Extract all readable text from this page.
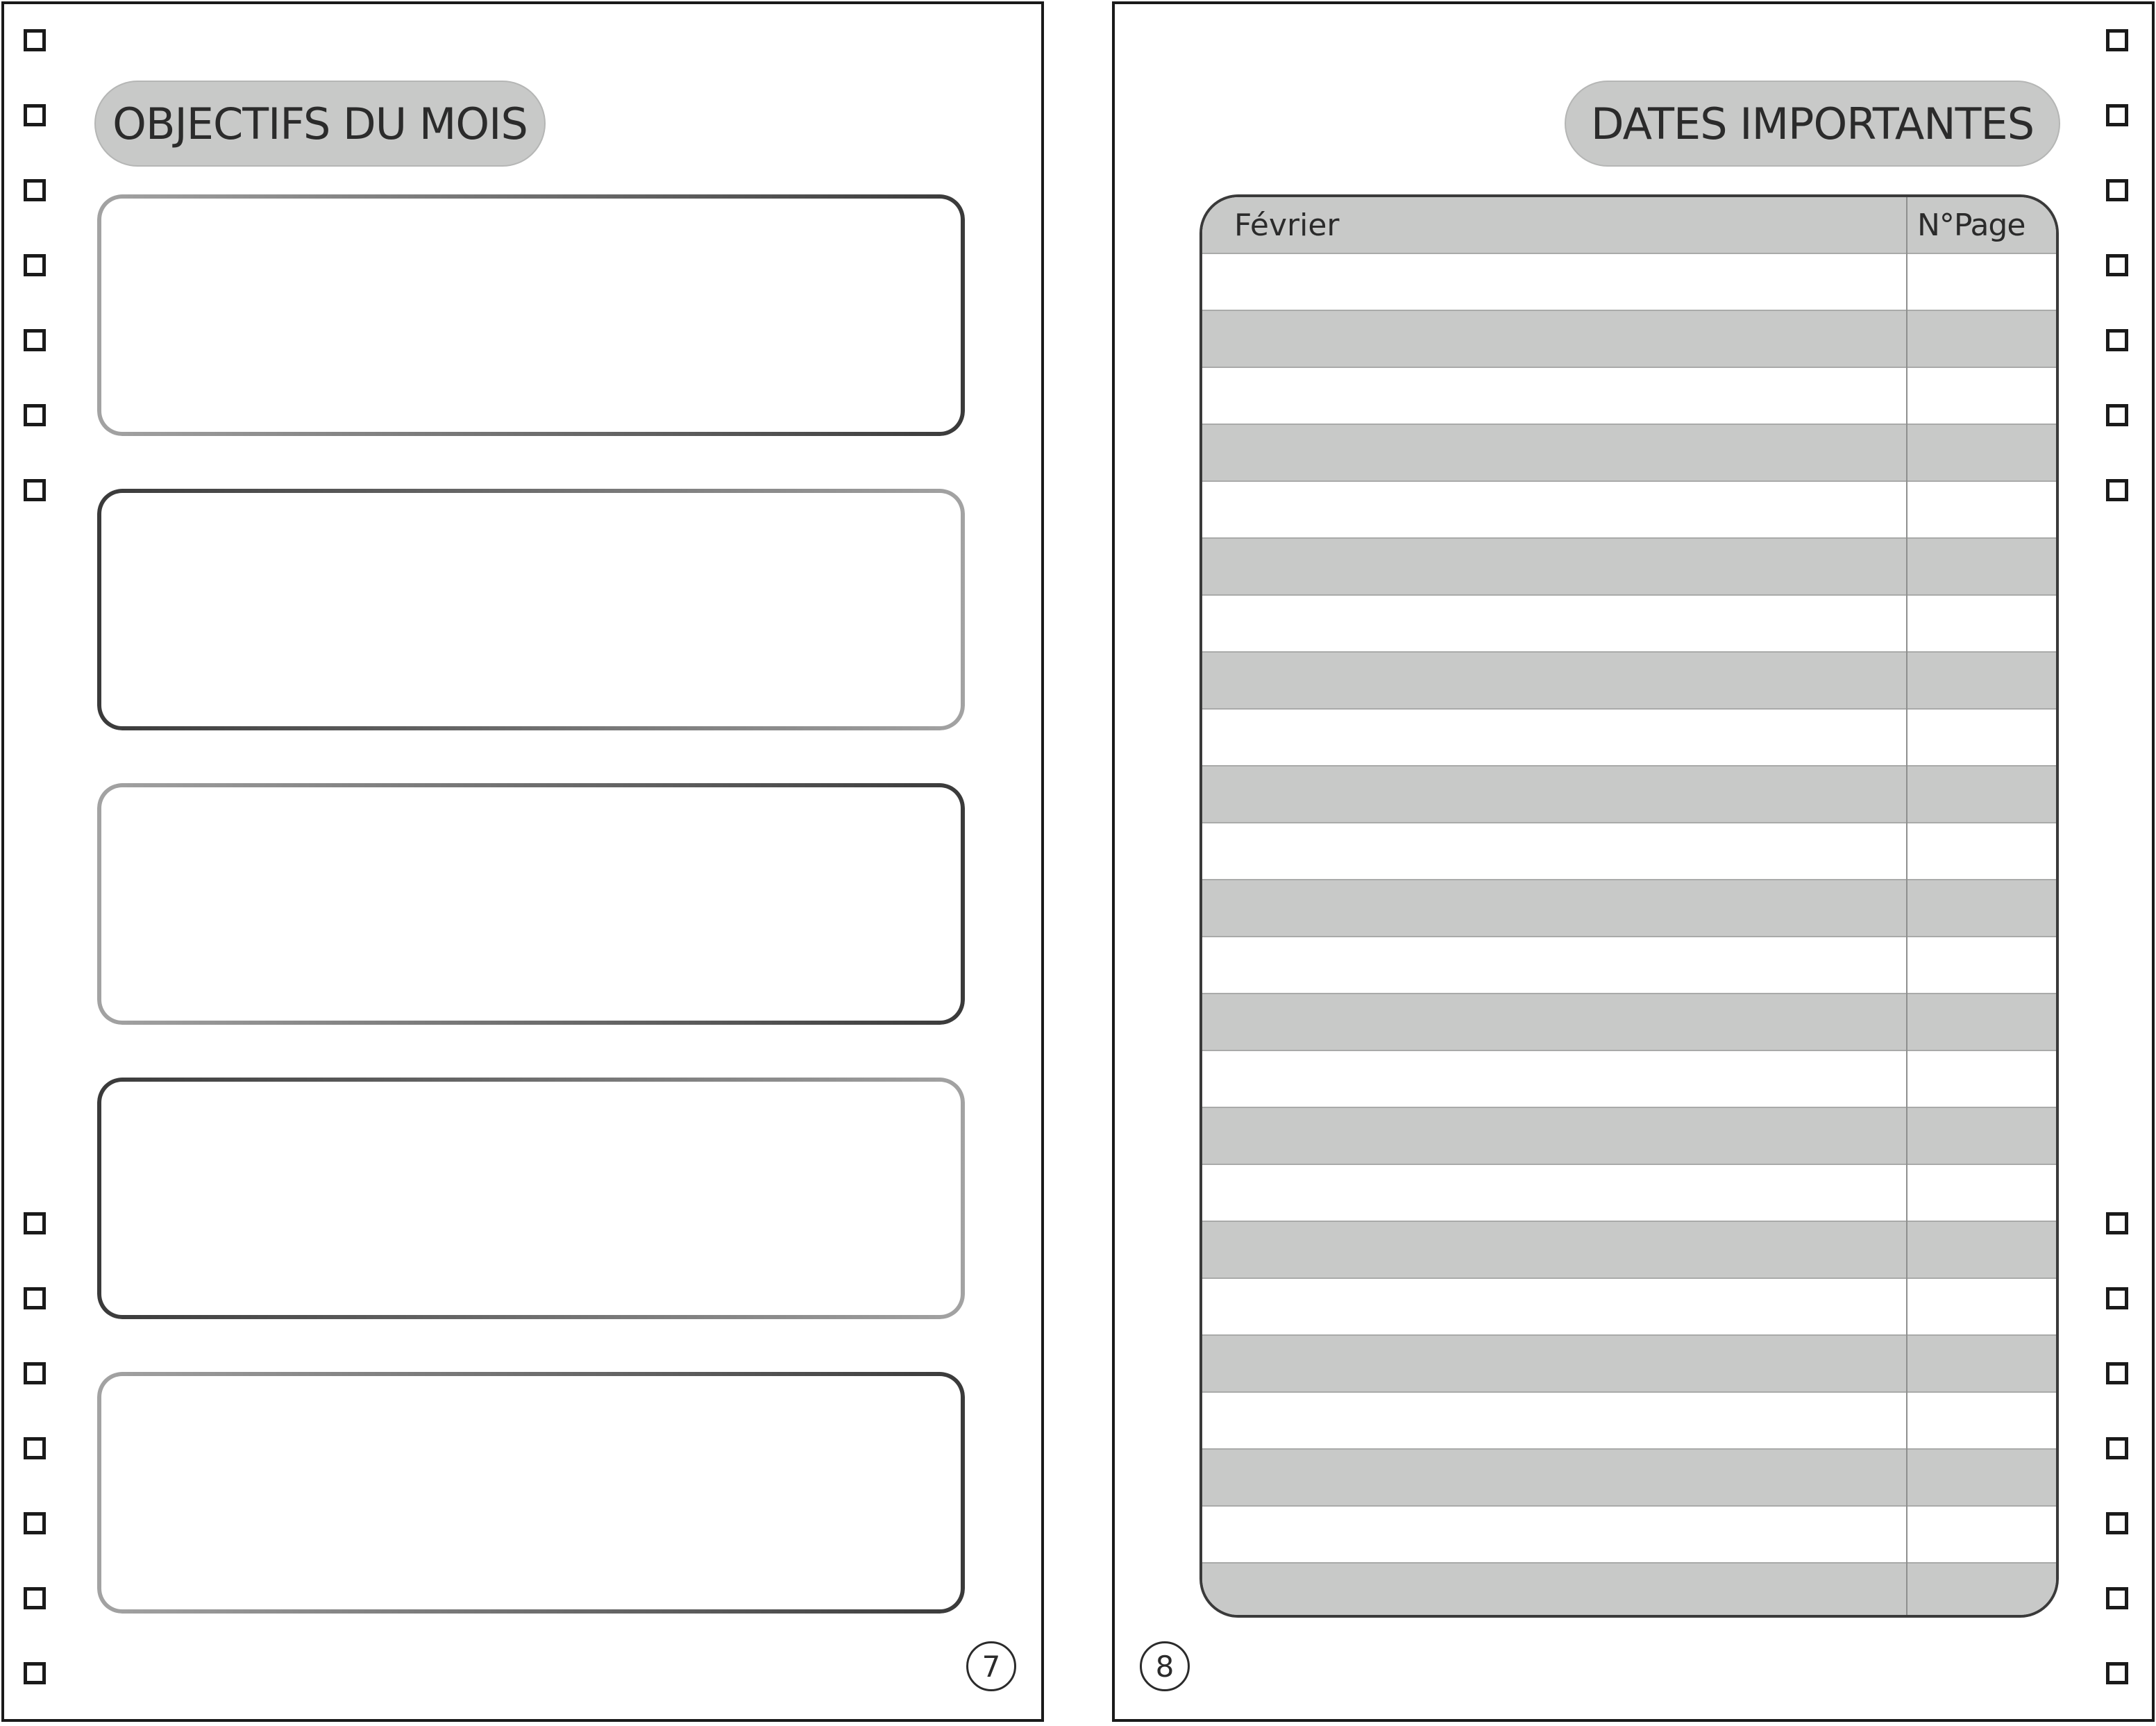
OBJECTIFS DU MOIS
7
DATES IMPORTANTES
Février	N°Page
8
